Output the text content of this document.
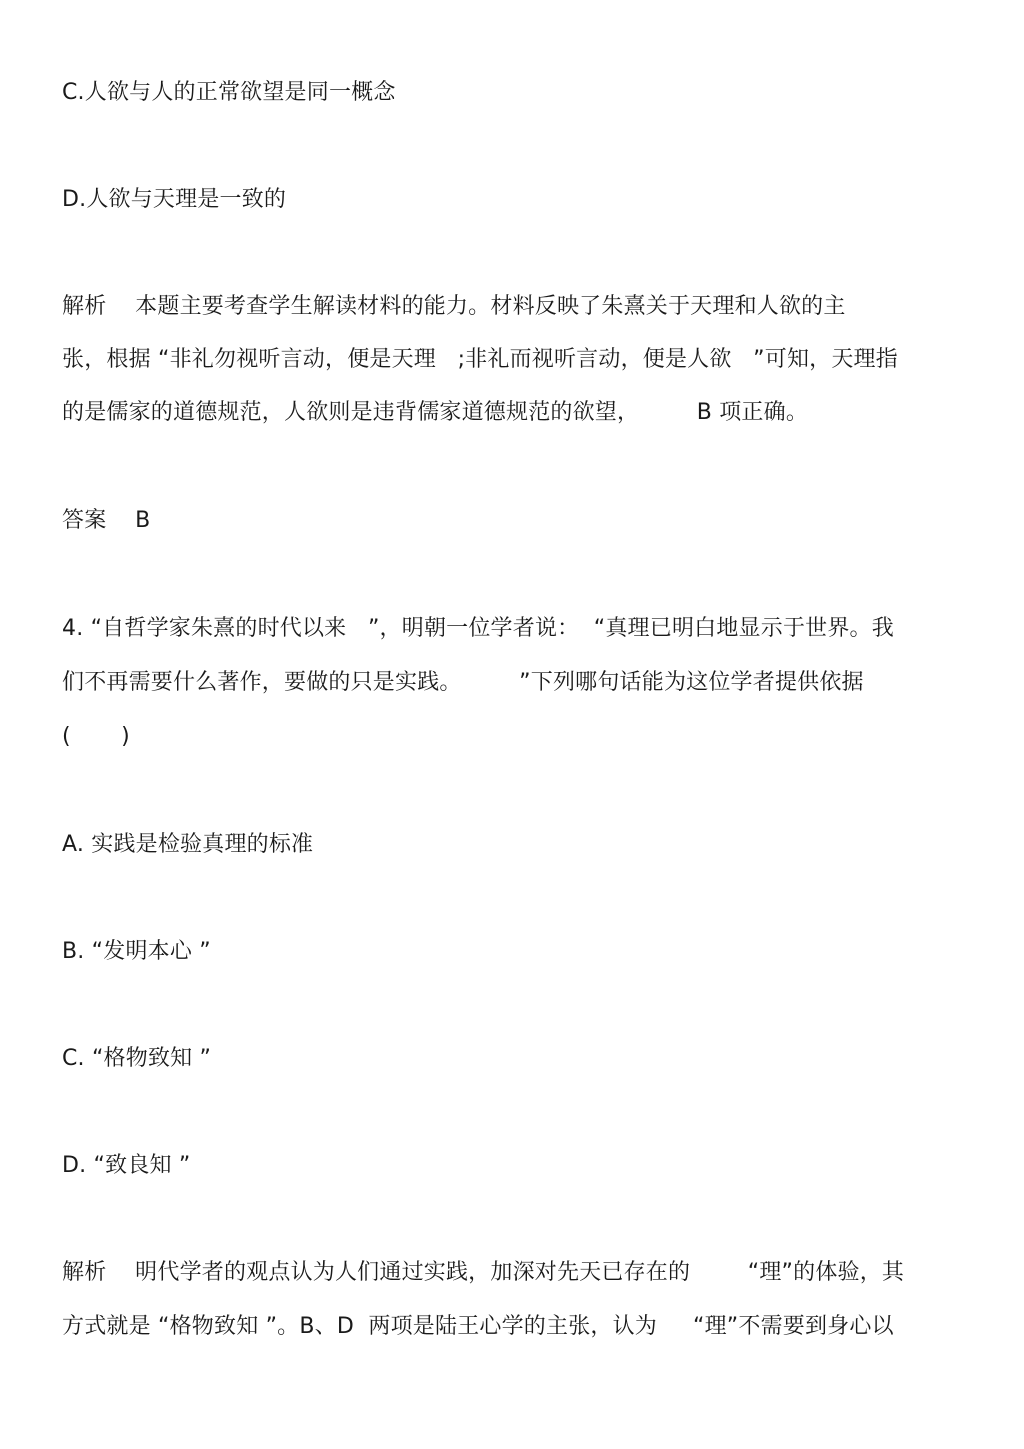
C.人欲与人的正常欲望是同一概念
D.人欲与天理是一致的
解析    本题主要考查学生解读材料的能力。材料反映了朱熹关于天理和人欲的主
张，根据 “非礼勿视听言动，便是天理   ;非礼而视听言动，便是人欲   ”可知，天理指
的是儒家的道德规范，人欲则是违背儒家道德规范的欲望，        B 项正确。
答案    B
4. “自哲学家朱熹的时代以来   ”，明朝一位学者说：  “真理已明白地显示于世界。我
们不再需要什么著作，要做的只是实践。        ”下列哪句话能为这位学者提供依据
(       )
A. 实践是检验真理的标准
B. “发明本心 ”
C. “格物致知 ”
D. “致良知 ”
解析    明代学者的观点认为人们通过实践，加深对先天已存在的        “理”的体验，其
方式就是 “格物致知 ”。B、D  两项是陆王心学的主张，认为     “理”不需要到身心以
